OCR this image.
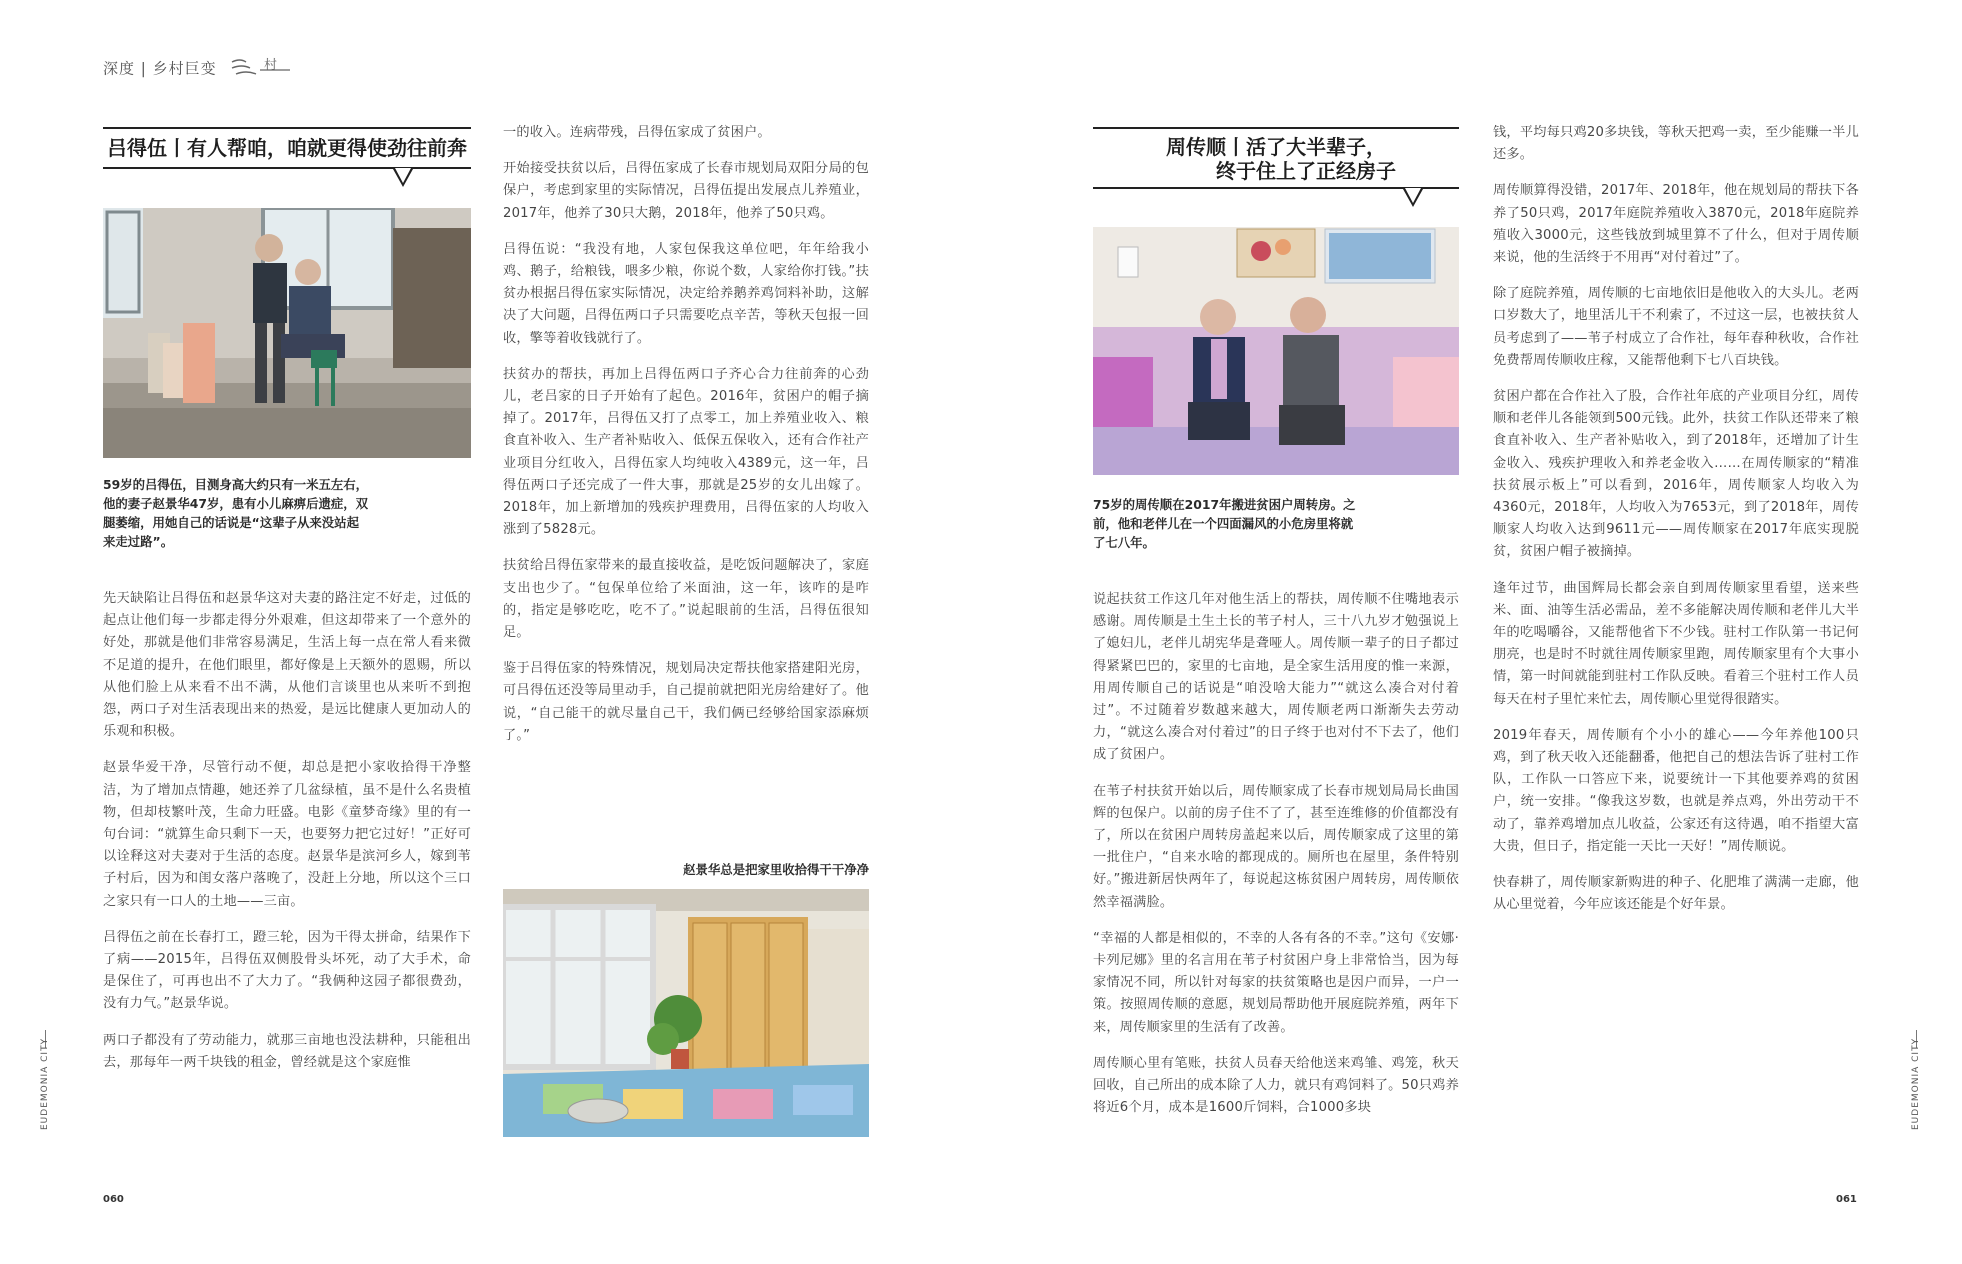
深度 | 乡村巨变	村
吕得伍丨有人帮咱，咱就更得使劲往前奔
59岁的吕得伍，目测身高大约只有一米五左右，
他的妻子赵景华47岁，患有小儿麻痹后遗症，双
腿萎缩，用她自己的话说是“这辈子从来没站起
来走过路”。

先天缺陷让吕得伍和赵景华这对夫妻的路注定不好走，过低的起点让他们每一步都走得分外艰难，但这却带来了一个意外的好处，那就是他们非常容易满足，生活上每一点在常人看来微不足道的提升，在他们眼里，都好像是上天额外的恩赐，所以从他们脸上从来看不出不满，从他们言谈里也从来听不到抱怨，两口子对生活表现出来的热爱，是远比健康人更加动人的乐观和积极。

赵景华爱干净，尽管行动不便，却总是把小家收拾得干净整洁，为了增加点情趣，她还养了几盆绿植，虽不是什么名贵植物，但却枝繁叶茂，生命力旺盛。电影《童梦奇缘》里的有一句台词：“就算生命只剩下一天，也要努力把它过好！”正好可以诠释这对夫妻对于生活的态度。赵景华是滨河乡人，嫁到苇子村后，因为和闺女落户落晚了，没赶上分地，所以这个三口之家只有一口人的土地——三亩。

吕得伍之前在长春打工，蹬三轮，因为干得太拼命，结果作下了病——2015年，吕得伍双侧股骨头坏死，动了大手术，命是保住了，可再也出不了大力了。“我俩种这园子都很费劲，没有力气。”赵景华说。

两口子都没有了劳动能力，就那三亩地也没法耕种，只能租出去，那每年一两千块钱的租金，曾经就是这个家庭惟

一的收入。连病带残，吕得伍家成了贫困户。

开始接受扶贫以后，吕得伍家成了长春市规划局双阳分局的包保户，考虑到家里的实际情况，吕得伍提出发展点儿养殖业，2017年，他养了30只大鹅，2018年，他养了50只鸡。

吕得伍说：“我没有地，人家包保我这单位吧，年年给我小鸡、鹅子，给粮钱，喂多少粮，你说个数，人家给你打钱。”扶贫办根据吕得伍家实际情况，决定给养鹅养鸡饲料补助，这解决了大问题，吕得伍两口子只需要吃点辛苦，等秋天包报一回收，擎等着收钱就行了。

扶贫办的帮扶，再加上吕得伍两口子齐心合力往前奔的心劲儿，老吕家的日子开始有了起色。2016年，贫困户的帽子摘掉了。2017年，吕得伍又打了点零工，加上养殖业收入、粮食直补收入、生产者补贴收入、低保五保收入，还有合作社产业项目分红收入，吕得伍家人均纯收入4389元，这一年，吕得伍两口子还完成了一件大事，那就是25岁的女儿出嫁了。2018年，加上新增加的残疾护理费用，吕得伍家的人均收入涨到了5828元。

扶贫给吕得伍家带来的最直接收益，是吃饭问题解决了，家庭支出也少了。“包保单位给了米面油，这一年，该咋的是咋的，指定是够吃吃，吃不了。”说起眼前的生活，吕得伍很知足。

鉴于吕得伍家的特殊情况，规划局决定帮扶他家搭建阳光房，可吕得伍还没等局里动手，自己提前就把阳光房给建好了。他说，“自己能干的就尽量自己干，我们俩已经够给国家添麻烦了。”

赵景华总是把家里收拾得干干净净
EUDEMONIA CITY
060
周传顺丨活了大半辈子，
终于住上了正经房子
75岁的周传顺在2017年搬进贫困户周转房。之
前，他和老伴儿在一个四面漏风的小危房里将就
了七八年。

说起扶贫工作这几年对他生活上的帮扶，周传顺不住嘴地表示感谢。周传顺是土生土长的苇子村人，三十八九岁才勉强说上了媳妇儿，老伴儿胡宪华是聋哑人。周传顺一辈子的日子都过得紧紧巴巴的，家里的七亩地，是全家生活用度的惟一来源，用周传顺自己的话说是“咱没啥大能力”“就这么凑合对付着过”。不过随着岁数越来越大，周传顺老两口渐渐失去劳动力，“就这么凑合对付着过”的日子终于也对付不下去了，他们成了贫困户。

在苇子村扶贫开始以后，周传顺家成了长春市规划局局长曲国辉的包保户。以前的房子住不了了，甚至连维修的价值都没有了，所以在贫困户周转房盖起来以后，周传顺家成了这里的第一批住户，“自来水啥的都现成的。厕所也在屋里，条件特别好。”搬进新居快两年了，每说起这栋贫困户周转房，周传顺依然幸福满脸。

“幸福的人都是相似的，不幸的人各有各的不幸。”这句《安娜·卡列尼娜》里的名言用在苇子村贫困户身上非常恰当，因为每家情况不同，所以针对每家的扶贫策略也是因户而异，一户一策。按照周传顺的意愿，规划局帮助他开展庭院养殖，两年下来，周传顺家里的生活有了改善。

周传顺心里有笔账，扶贫人员春天给他送来鸡雏、鸡笼，秋天回收，自己所出的成本除了人力，就只有鸡饲料了。50只鸡养将近6个月，成本是1600斤饲料，合1000多块

钱，平均每只鸡20多块钱，等秋天把鸡一卖，至少能赚一半儿还多。

周传顺算得没错，2017年、2018年，他在规划局的帮扶下各养了50只鸡，2017年庭院养殖收入3870元，2018年庭院养殖收入3000元，这些钱放到城里算不了什么，但对于周传顺来说，他的生活终于不用再“对付着过”了。

除了庭院养殖，周传顺的七亩地依旧是他收入的大头儿。老两口岁数大了，地里活儿干不利索了，不过这一层，也被扶贫人员考虑到了——苇子村成立了合作社，每年春种秋收，合作社免费帮周传顺收庄稼，又能帮他剩下七八百块钱。

贫困户都在合作社入了股，合作社年底的产业项目分红，周传顺和老伴儿各能领到500元钱。此外，扶贫工作队还带来了粮食直补收入、生产者补贴收入，到了2018年，还增加了计生金收入、残疾护理收入和养老金收入……在周传顺家的“精准扶贫展示板上”可以看到，2016年，周传顺家人均收入为4360元，2018年，人均收入为7653元，到了2018年，周传顺家人均收入达到9611元——周传顺家在2017年底实现脱贫，贫困户帽子被摘掉。

逢年过节，曲国辉局长都会亲自到周传顺家里看望，送来些米、面、油等生活必需品，差不多能解决周传顺和老伴儿大半年的吃喝嚼谷，又能帮他省下不少钱。驻村工作队第一书记何朋亮，也是时不时就往周传顺家里跑，周传顺家里有个大事小情，第一时间就能到驻村工作队反映。看着三个驻村工作人员每天在村子里忙来忙去，周传顺心里觉得很踏实。

2019年春天，周传顺有个小小的雄心——今年养他100只鸡，到了秋天收入还能翻番，他把自己的想法告诉了驻村工作队，工作队一口答应下来，说要统计一下其他要养鸡的贫困户，统一安排。“像我这岁数，也就是养点鸡，外出劳动干不动了，靠养鸡增加点儿收益，公家还有这待遇，咱不指望大富大贵，但日子，指定能一天比一天好！”周传顺说。

快春耕了，周传顺家新购进的种子、化肥堆了满满一走廊，他从心里觉着，今年应该还能是个好年景。

EUDEMONIA CITY
061
